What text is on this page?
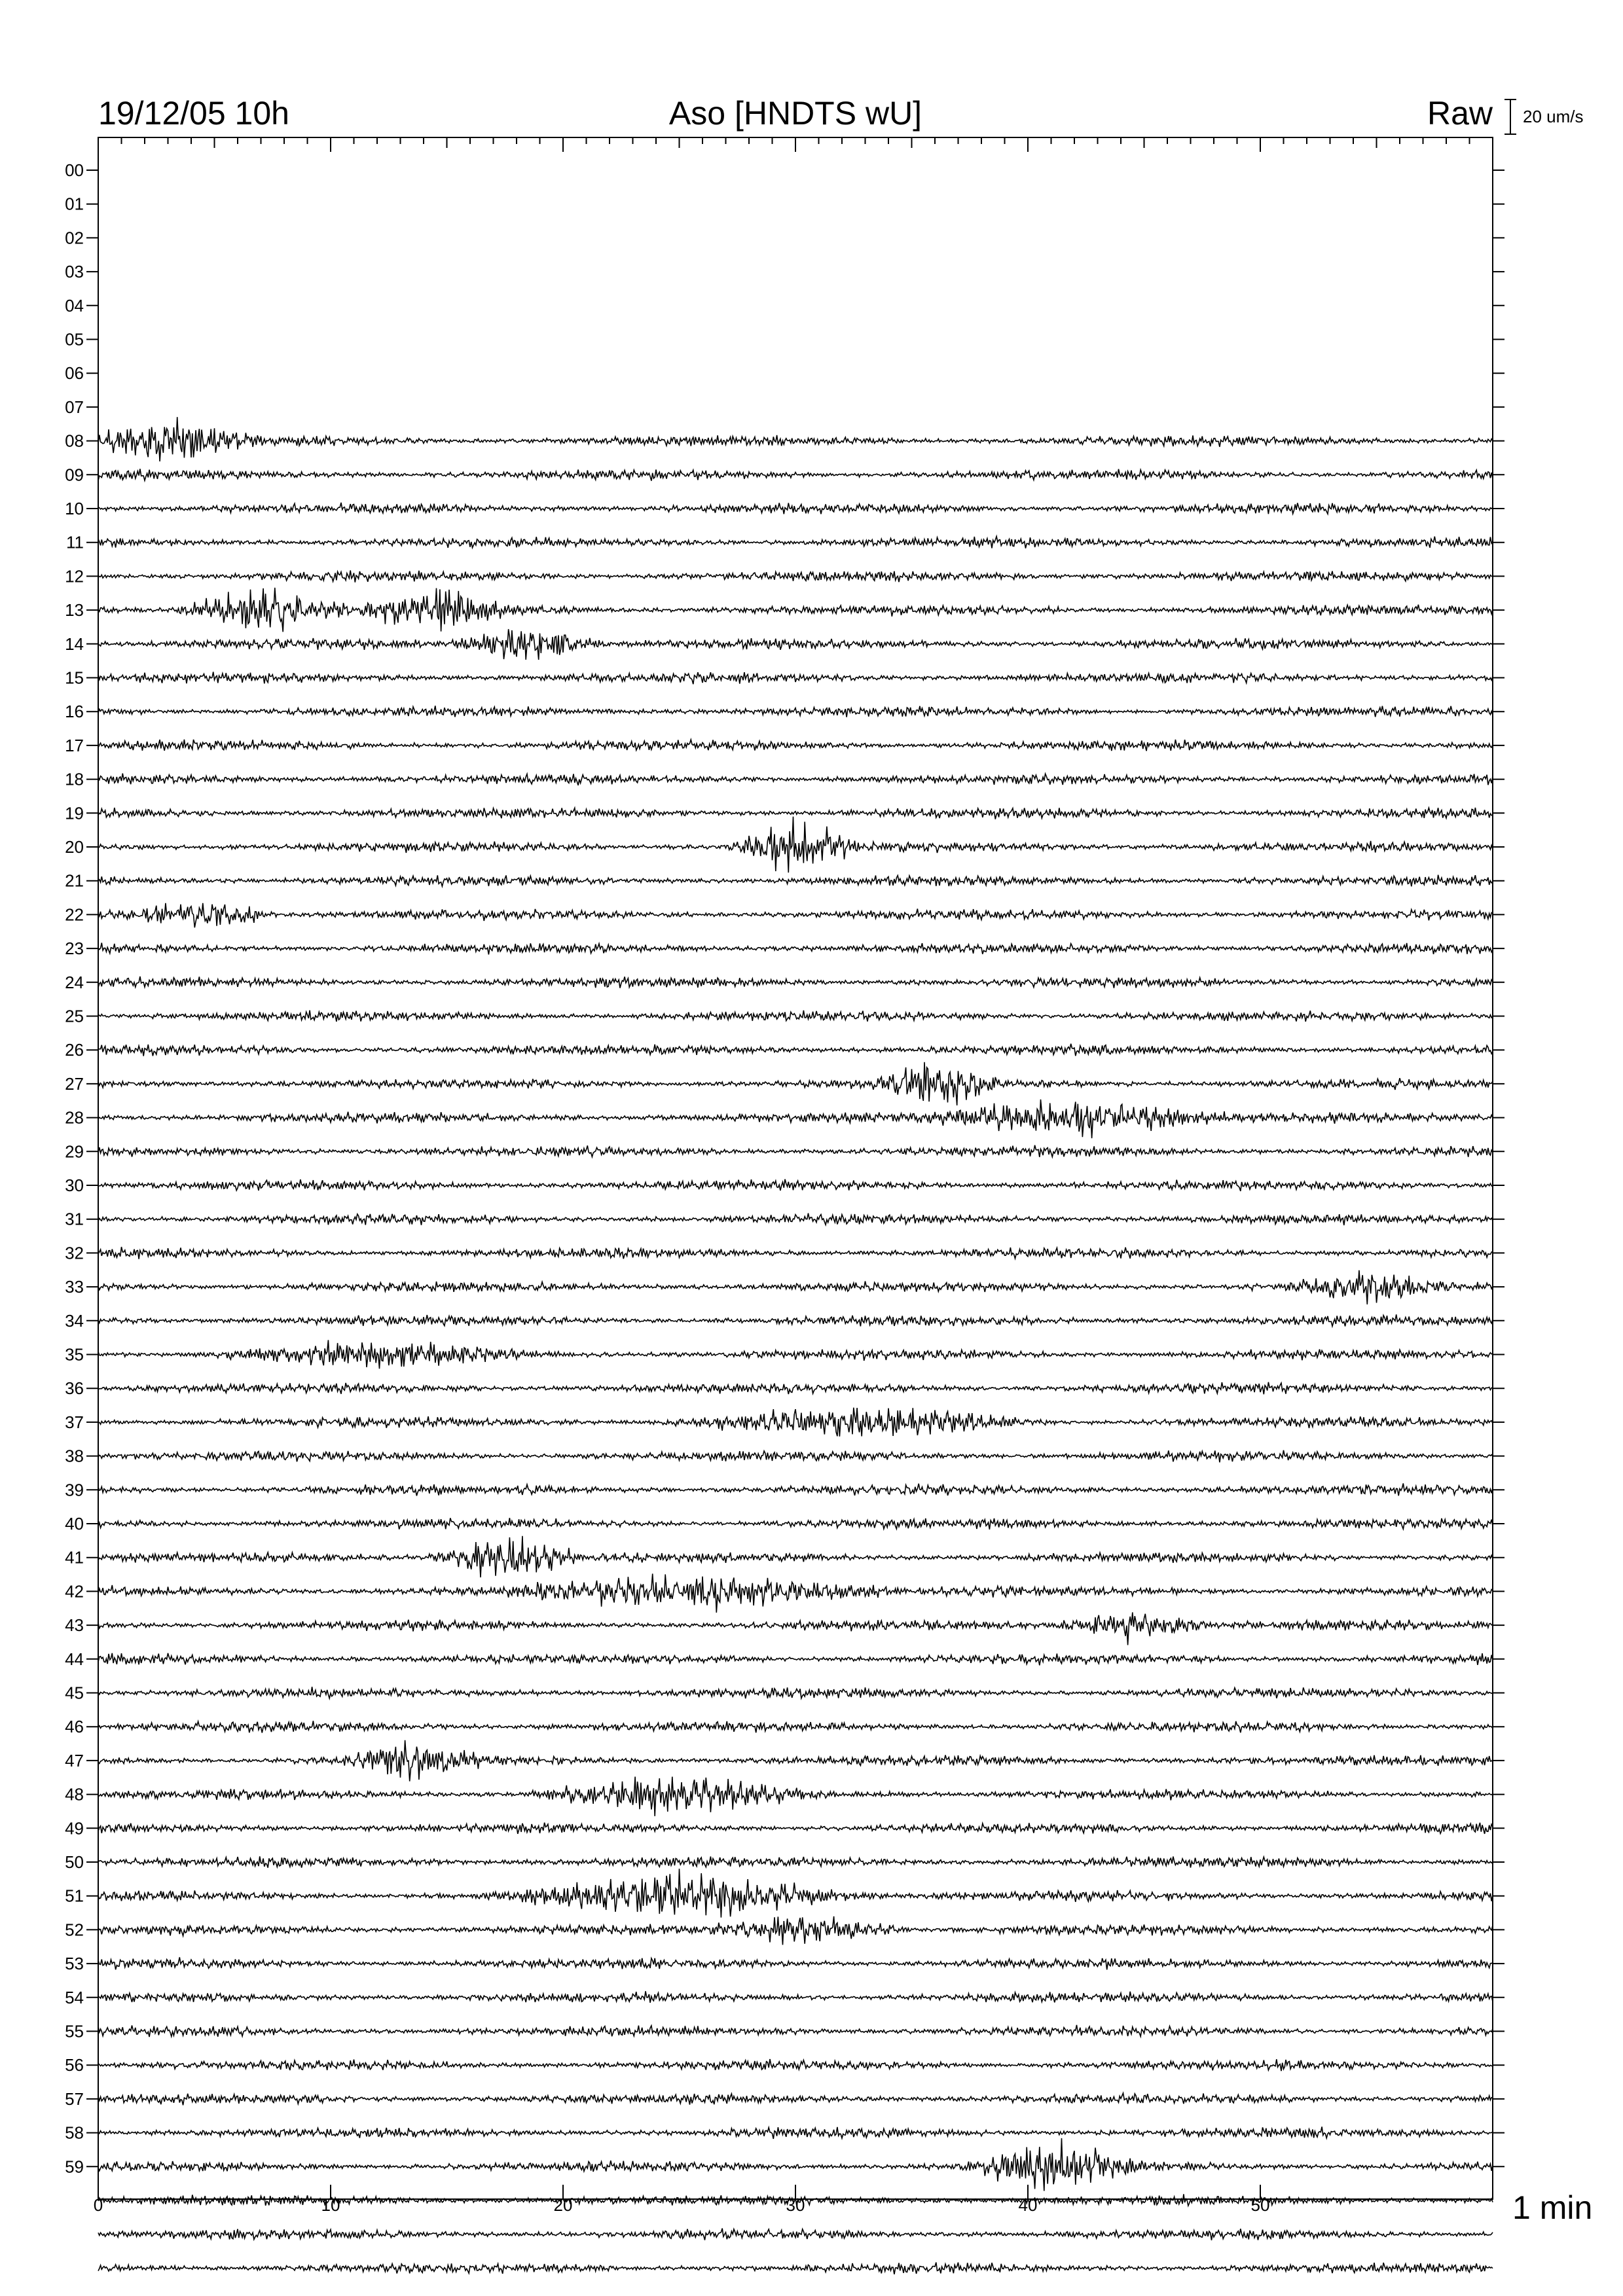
19/12/05 10h	Aso [HNDTS wU]	Raw 20 um/s
00
01
02
03
04
05
06
07
08
09
10
11
12
13
14
15
16
17
18
19
20
21
22
23
24
25
26
27
28
29
30
31
32
33
34
35
36
37
38
39
40
41
42
43
44
45
46
47
48
49
50
51
52
53
54
55
56
57
58
59
0	10	20	30	40	50	1 min
